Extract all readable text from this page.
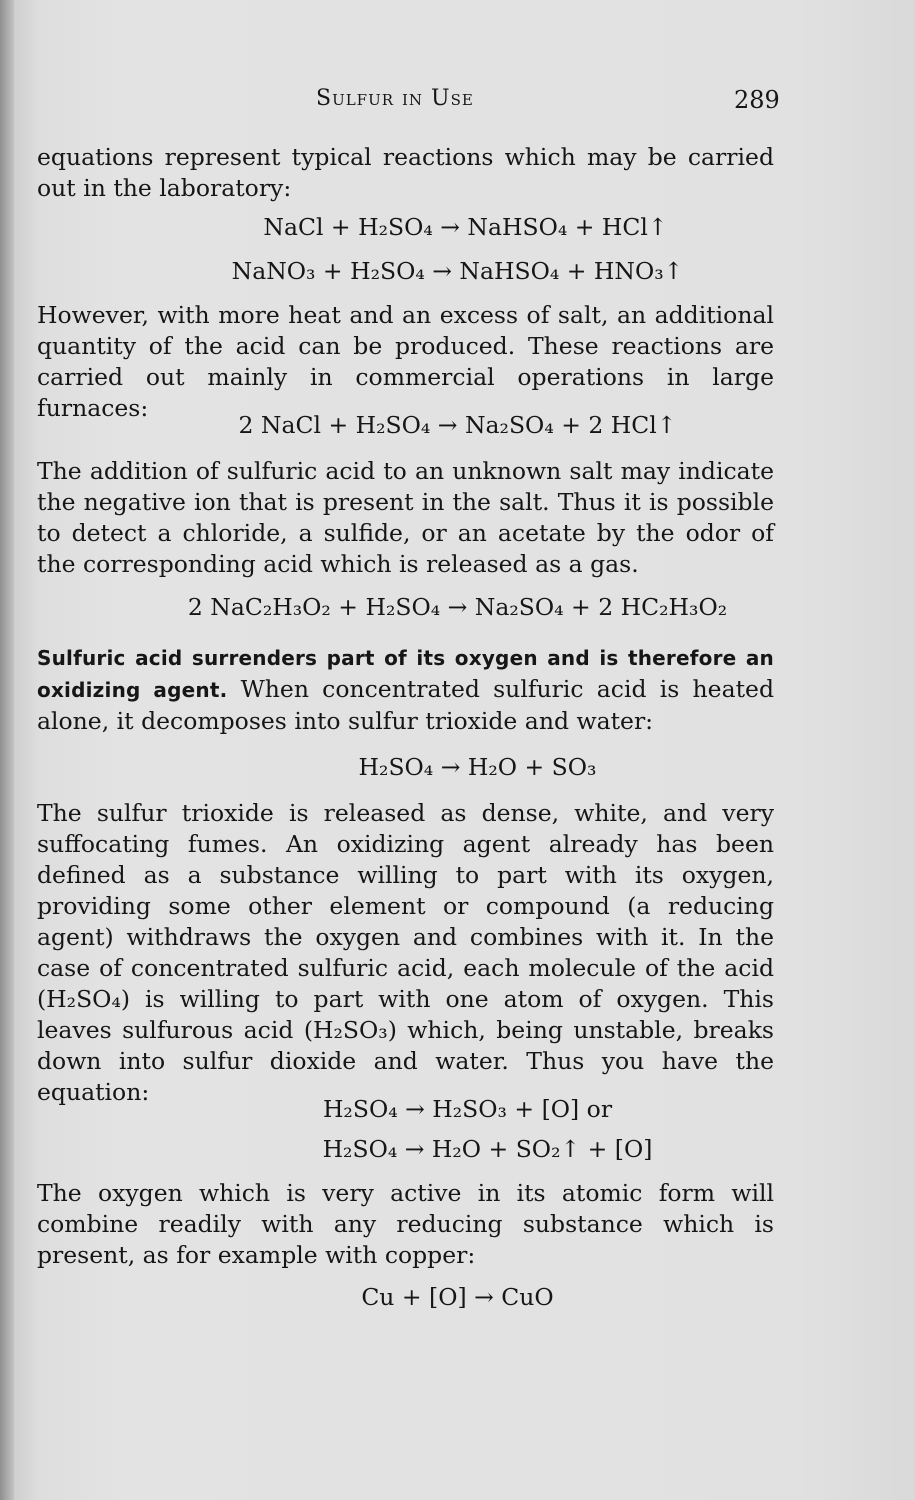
Sulfur in Use	289

equations represent typical reactions which may be carried out in the laboratory:

NaCl + H₂SO₄ → NaHSO₄ + HCl↑
NaNO₃ + H₂SO₄ → NaHSO₄ + HNO₃↑

However, with more heat and an excess of salt, an additional quantity of the acid can be produced. These reactions are carried out mainly in commercial operations in large furnaces:

2 NaCl + H₂SO₄ → Na₂SO₄ + 2 HCl↑

The addition of sulfuric acid to an unknown salt may indicate the negative ion that is present in the salt. Thus it is possible to detect a chloride, a sulfide, or an acetate by the odor of the corresponding acid which is released as a gas.

2 NaC₂H₃O₂ + H₂SO₄ → Na₂SO₄ + 2 HC₂H₃O₂

Sulfuric acid surrenders part of its oxygen and is therefore an oxidizing agent. When concentrated sulfuric acid is heated alone, it decomposes into sulfur trioxide and water:

H₂SO₄ → H₂O + SO₃

The sulfur trioxide is released as dense, white, and very suffocating fumes. An oxidizing agent already has been defined as a substance willing to part with its oxygen, providing some other element or compound (a reducing agent) withdraws the oxygen and combines with it. In the case of concentrated sulfuric acid, each molecule of the acid (H₂SO₄) is willing to part with one atom of oxygen. This leaves sulfurous acid (H₂SO₃) which, being unstable, breaks down into sulfur dioxide and water. Thus you have the equation:

H₂SO₄ → H₂SO₃ + [O] or
H₂SO₄ → H₂O + SO₂↑ + [O]

The oxygen which is very active in its atomic form will combine readily with any reducing substance which is present, as for example with copper:

Cu + [O] → CuO
